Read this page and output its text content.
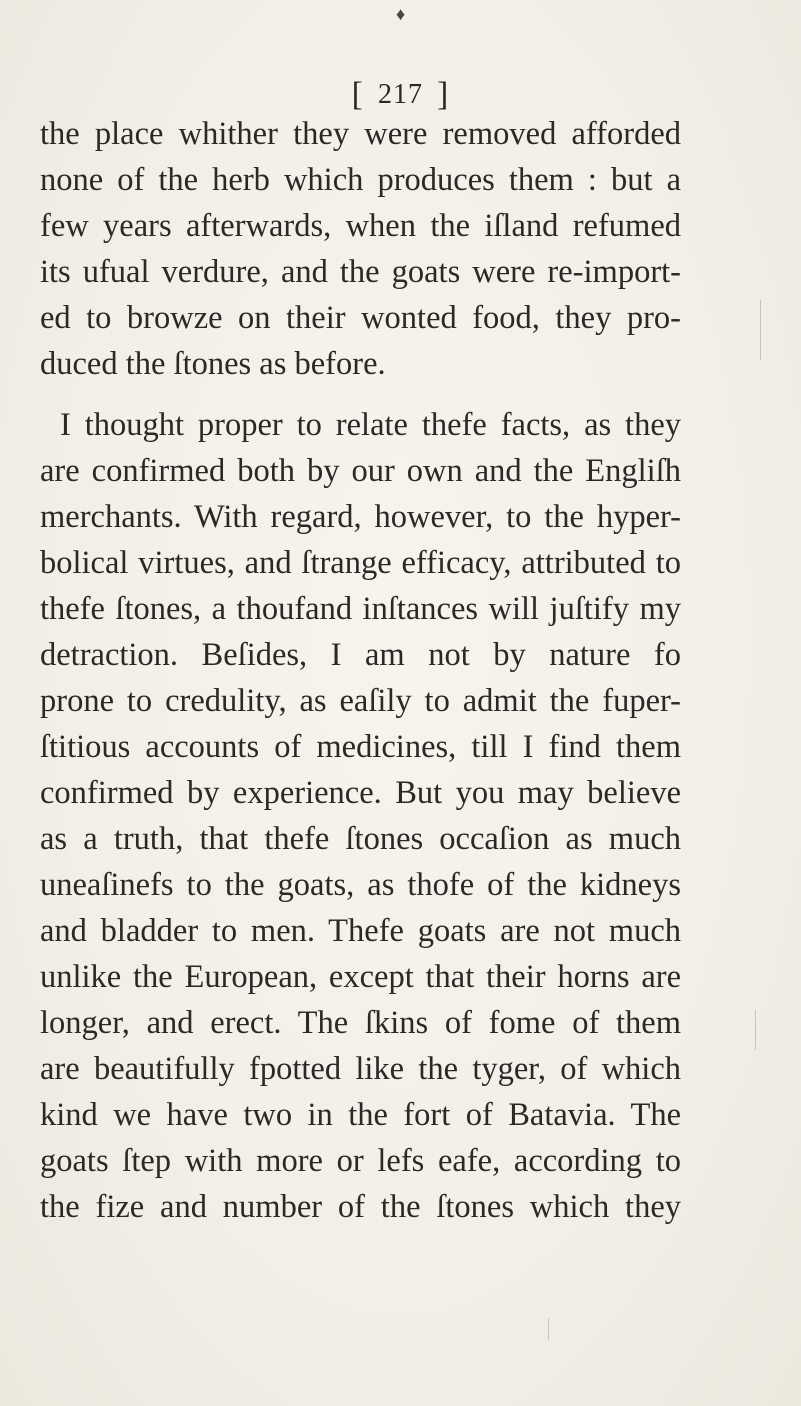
♦
[ 217 ]
the place whither they were removed afforded
none of the herb which produces them : but a
few years afterwards, when the iſland refumed
its ufual verdure, and the goats were re-import-
ed to browze on their wonted food, they pro-
duced the ſtones as before.
I thought proper to relate thefe facts, as they
are confirmed both by our own and the Engliſh
merchants. With regard, however, to the hyper-
bolical virtues, and ſtrange efficacy, attributed to
thefe ſtones, a thoufand inſtances will juſtify my
detraction. Beſides, I am not by nature fo
prone to credulity, as eaſily to admit the fuper-
ſtitious accounts of medicines, till I find them
confirmed by experience. But you may believe
as a truth, that thefe ſtones occaſion as much
uneaſinefs to the goats, as thofe of the kidneys
and bladder to men. Thefe goats are not much
unlike the European, except that their horns are
longer, and erect. The ſkins of fome of them
are beautifully fpotted like the tyger, of which
kind we have two in the fort of Batavia. The
goats ſtep with more or lefs eafe, according to
the fize and number of the ſtones which they
